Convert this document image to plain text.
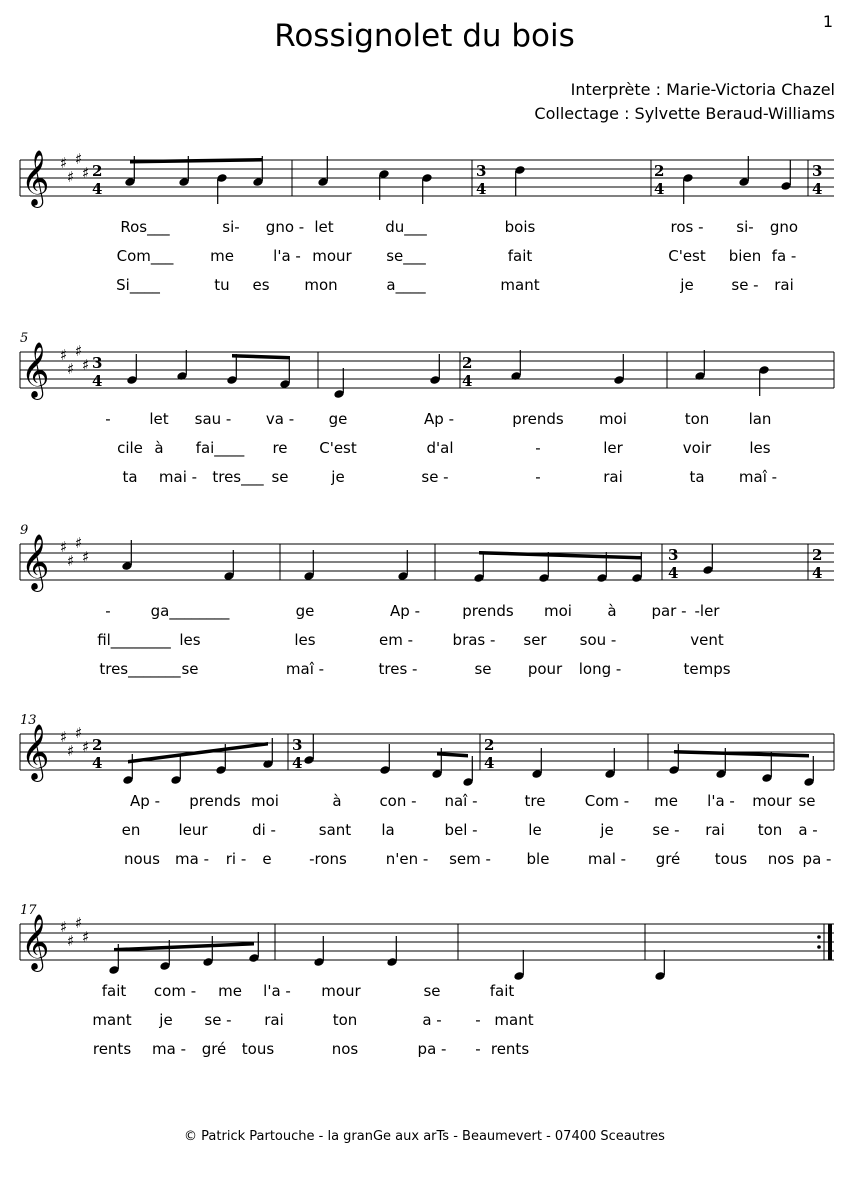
1
Rossignolet du bois
Interprète : Marie-Victoria Chazel
Collectage : Sylvette Beraud-Williams
𝄞 ♯
♯
♯
♯ 2
4
3
4
2
4
3
4
Ros___	si- gno - let	du___	bois	ros - si- gno
Com___ me	l'a - mour se___	fait	C'est bien fa -
Si____	tu es mon	a____	mant	je	se - rai
𝄞 ♯
♯
♯
♯
5
3
4
2
4
-	let sau - va - ge	Ap -	prends moi	ton	lan
cile à fai____ re C'est	d'al	-	ler	voir	les
ta mai - tres___ se	je	se -	-	rai	ta maî -
𝄞 ♯
♯
♯
♯
9
3
4
2
4
-	ga________	ge	Ap -	prends moi à par - -ler
fil________ les	les	em -	bras - ser sou -	vent
tres_______ se	maî -	tres -	se pour long -	temps
𝄞 ♯
♯
♯
♯
13
2
4
3
4
2
4
Ap - prends moi	à	con - naî -	tre	Com - me l'a - mour se
en	leur	di -	sant la	bel -	le	je	se - rai ton a -
nous ma - ri - e	-rons	n'en - sem - ble	mal - gré tous nos pa -
𝄞 ♯
♯
♯
♯
17
fait com - me l'a - mour	se	fait
mant je se - rai	ton	a - - mant
rents ma - gré tous	nos	pa - - rents
© Patrick Partouche - la granGe aux arTs - Beaumevert - 07400 Sceautres
